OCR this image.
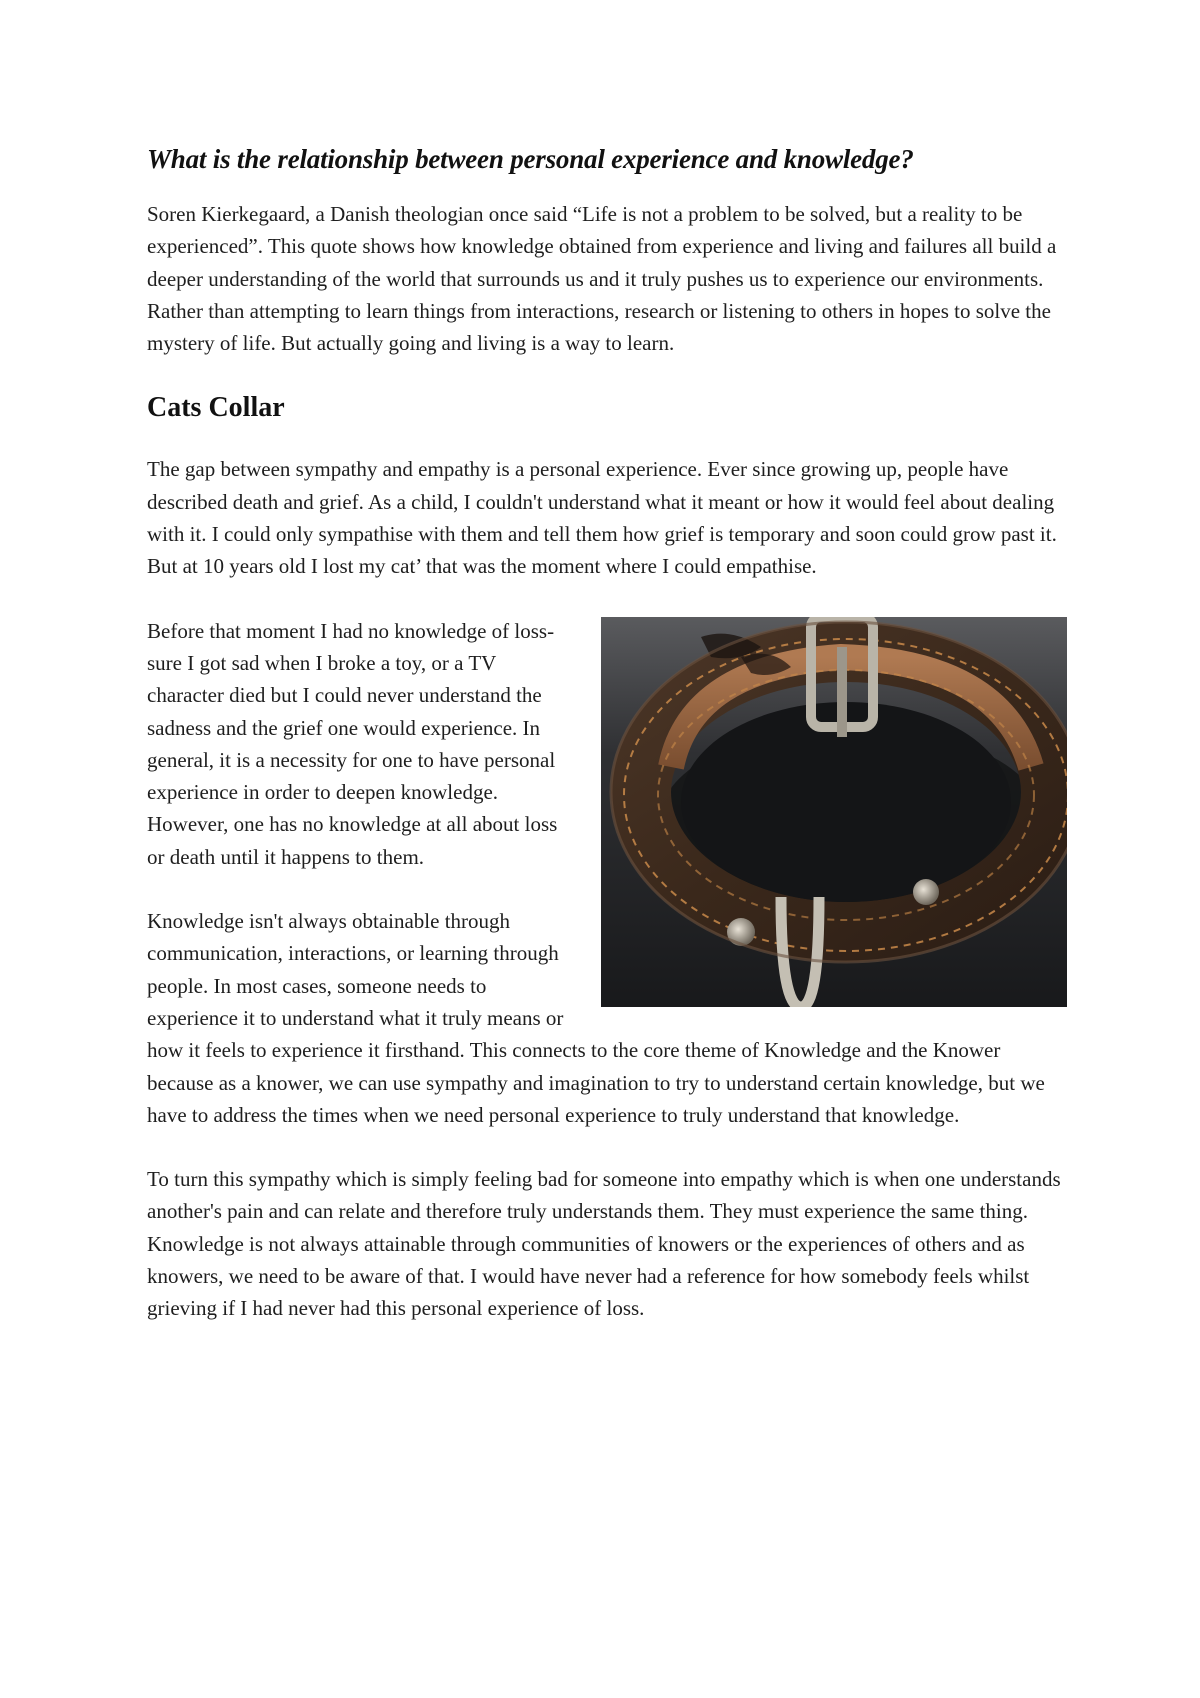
What is the relationship between personal experience and knowledge?

Soren Kierkegaard, a Danish theologian once said “Life is not a problem to be solved, but a reality to be experienced”. This quote shows how knowledge obtained from experience and living and failures all build a deeper understanding of the world that surrounds us and it truly pushes us to experience our environments. Rather than attempting to learn things from interactions, research or listening to others in hopes to solve the mystery of life. But actually going and living is a way to learn.

Cats Collar

The gap between sympathy and empathy is a personal experience. Ever since growing up, people have described death and grief. As a child, I couldn't understand what it meant or how it would feel about dealing with it. I could only sympathise with them and tell them how grief is temporary and soon could grow past it. But at 10 years old I lost my cat’ that was the moment where I could empathise.

Before that moment I had no knowledge of loss-sure I got sad when I broke a toy, or a TV character died but I could never understand the sadness and the grief one would experience. In general, it is a necessity for one to have personal experience in order to deepen knowledge. However, one has no knowledge at all about loss or death until it happens to them.

Knowledge isn't always obtainable through communication, interactions, or learning through people. In most cases, someone needs to experience it to understand what it truly means or how it feels to experience it firsthand. This connects to the core theme of Knowledge and the Knower because as a knower, we can use sympathy and imagination to try to understand certain knowledge, but we have to address the times when we need personal experience to truly understand that knowledge.

To turn this sympathy which is simply feeling bad for someone into empathy which is when one understands another's pain and can relate and therefore truly understands them. They must experience the same thing. Knowledge is not always attainable through communities of knowers or the experiences of others and as knowers, we need to be aware of that. I would have never had a reference for how somebody feels whilst grieving if I had never had this personal experience of loss.
